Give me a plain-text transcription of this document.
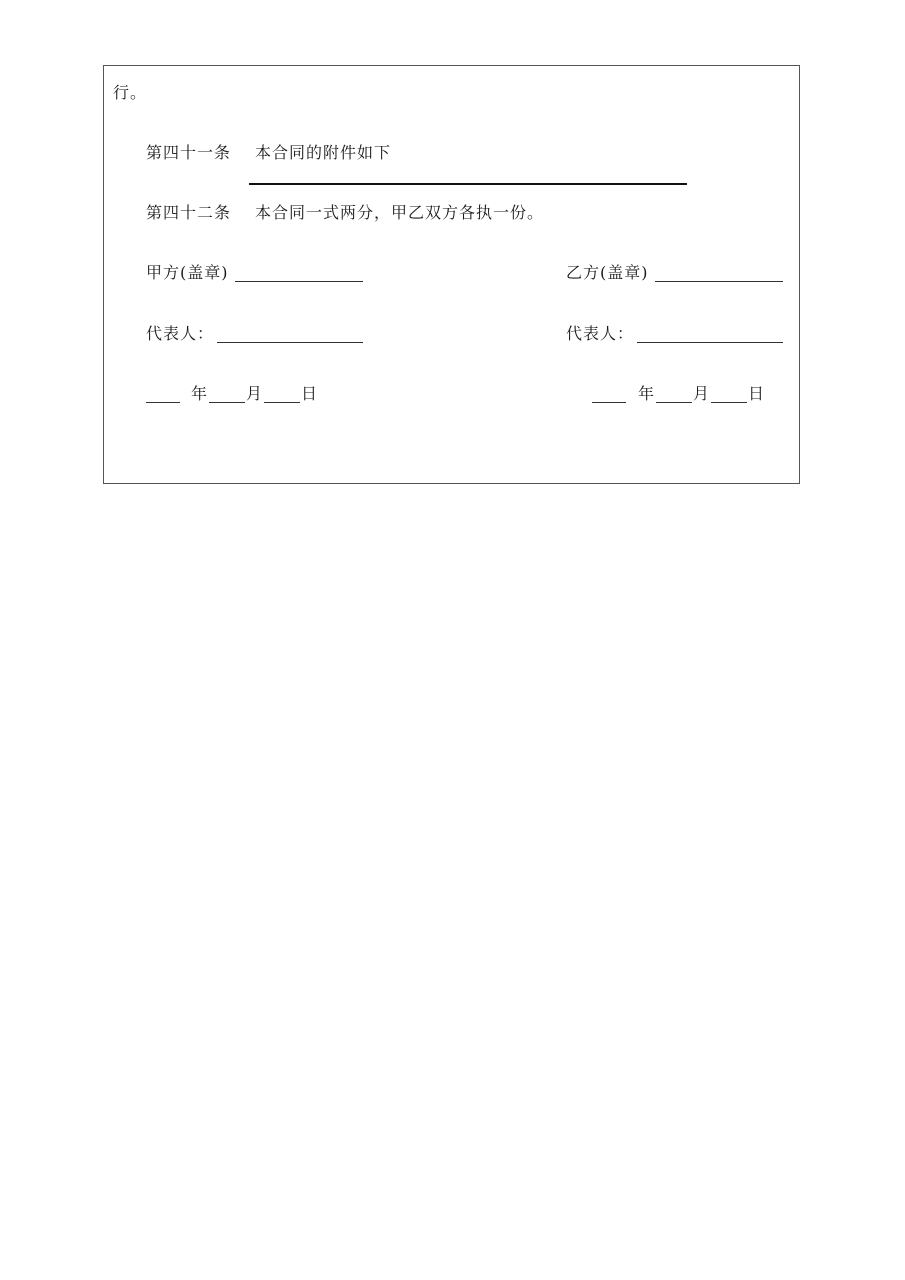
行。
第四十一条 本合同的附件如下
第四十二条 本合同一式两分，甲乙双方各执一份。
甲方(盖章)	乙方(盖章)
代表人：	代表人：
年 月 日	年 月 日
